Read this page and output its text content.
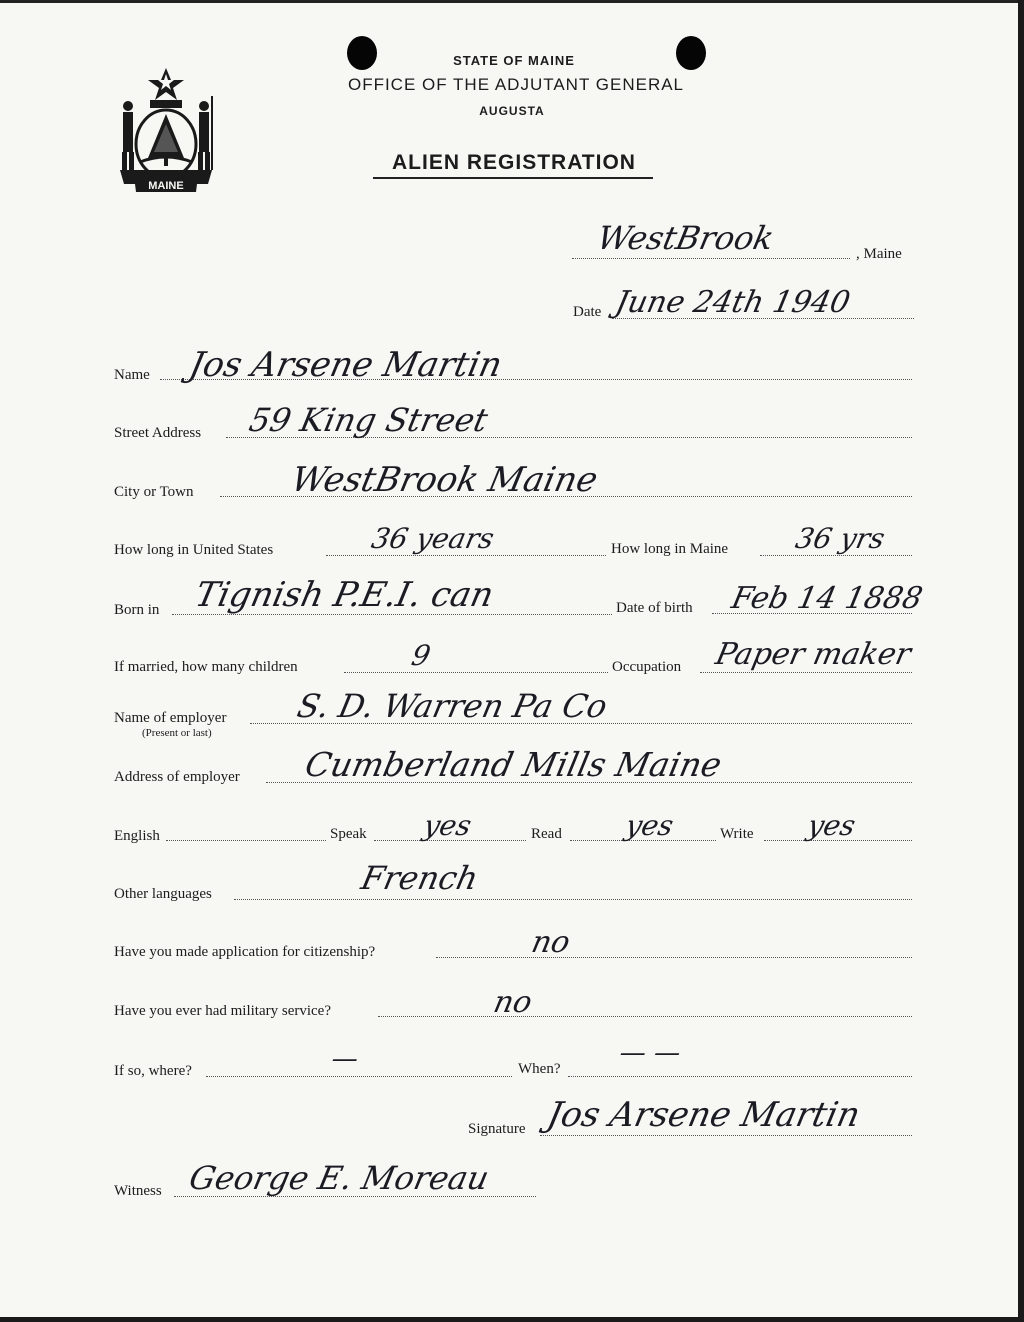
MAINE
STATE OF MAINE
OFFICE OF THE ADJUTANT GENERAL
AUGUSTA
ALIEN REGISTRATION
WestBrook	, Maine
Date June 24th 1940
Name Jos Arsene Martin
Street Address 59 King Street
City or Town	WestBrook Maine
How long in United States	36 years	How long in Maine 36 yrs
Born in Tignish P.E.I. can	Date of birth Feb 14 1888
If married, how many children	9	Occupation Paper maker
Name of employer
(Present or last)
S. D. Warren Pa Co
Address of employer Cumberland Mills Maine
English	Speak yes	Read yes	Write yes
Other languages	French
Have you made application for citizenship?	no
Have you ever had military service?	no
If so, where?	—	When?
— —
Signature Jos Arsene Martin
Witness George E. Moreau
